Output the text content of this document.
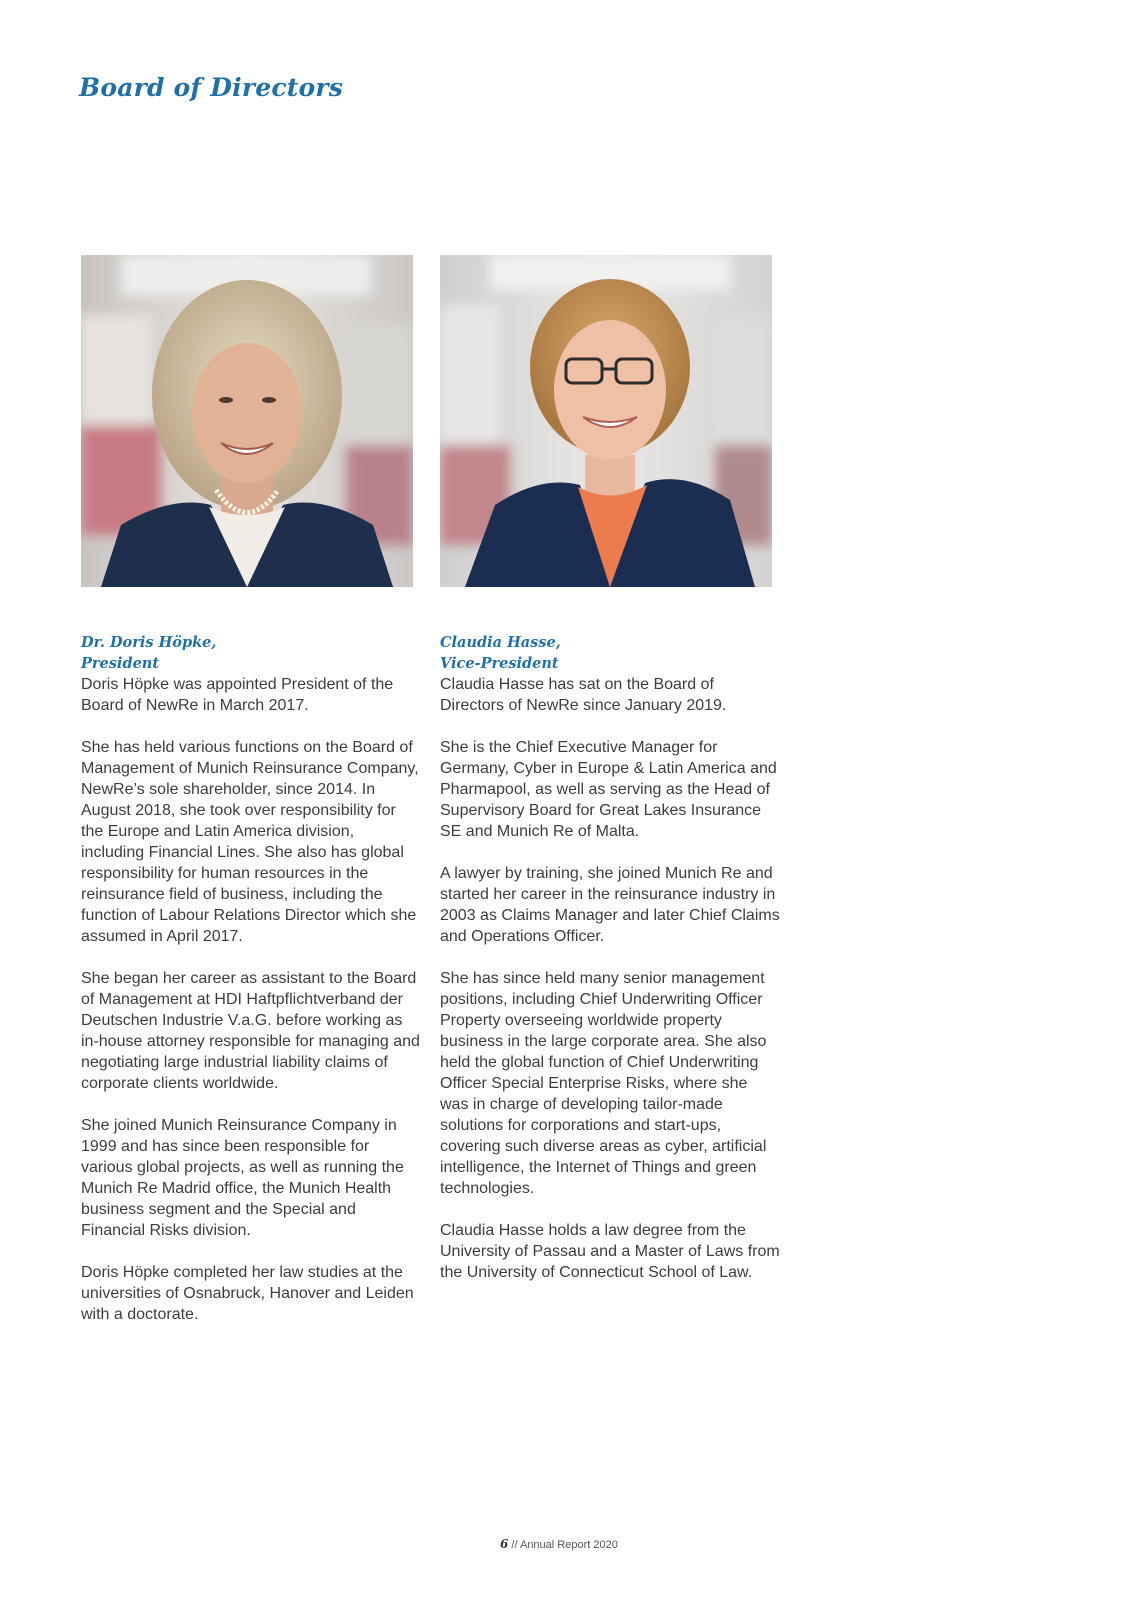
Board of Directors

Dr. Doris Höpke,

President

Doris Höpke was appointed President of the Board of NewRe in March 2017.

She has held various functions on the Board of Management of Munich Reinsurance Company, NewRe’s sole shareholder, since 2014. In August 2018, she took over responsibility for the Europe and Latin America division, including Financial Lines. She also has global responsibility for human resources in the reinsurance field of business, including the function of Labour Relations Director which she assumed in April 2017.

She began her career as assistant to the Board of Management at HDI Haftpflichtverband der Deutschen Industrie V.a.G. before working as in-house attorney responsible for managing and negotiating large industrial liability claims of corporate clients worldwide.

She joined Munich Reinsurance Company in 1999 and has since been responsible for various global projects, as well as running the Munich Re Madrid office, the Munich Health business segment and the Special and Financial Risks division.

Doris Höpke completed her law studies at the universities of Osnabruck, Hanover and Leiden with a doctorate.

Claudia Hasse,

Vice-President

Claudia Hasse has sat on the Board of Directors of NewRe since January 2019.

She is the Chief Executive Manager for Germany, Cyber in Europe & Latin America and Pharmapool, as well as serving as the Head of Supervisory Board for Great Lakes Insurance SE and Munich Re of Malta.

A lawyer by training, she joined Munich Re and started her career in the reinsurance industry in 2003 as Claims Manager and later Chief Claims and Operations Officer.

She has since held many senior management positions, including Chief Underwriting Officer Property overseeing worldwide property business in the large corporate area. She also held the global function of Chief Underwriting Officer Special Enterprise Risks, where she was in charge of developing tailor-made solutions for corporations and start-ups, covering such diverse areas as cyber, artificial intelligence, the Internet of Things and green technologies.

Claudia Hasse holds a law degree from the University of Passau and a Master of Laws from the University of Connecticut School of Law.

6 // Annual Report 2020
